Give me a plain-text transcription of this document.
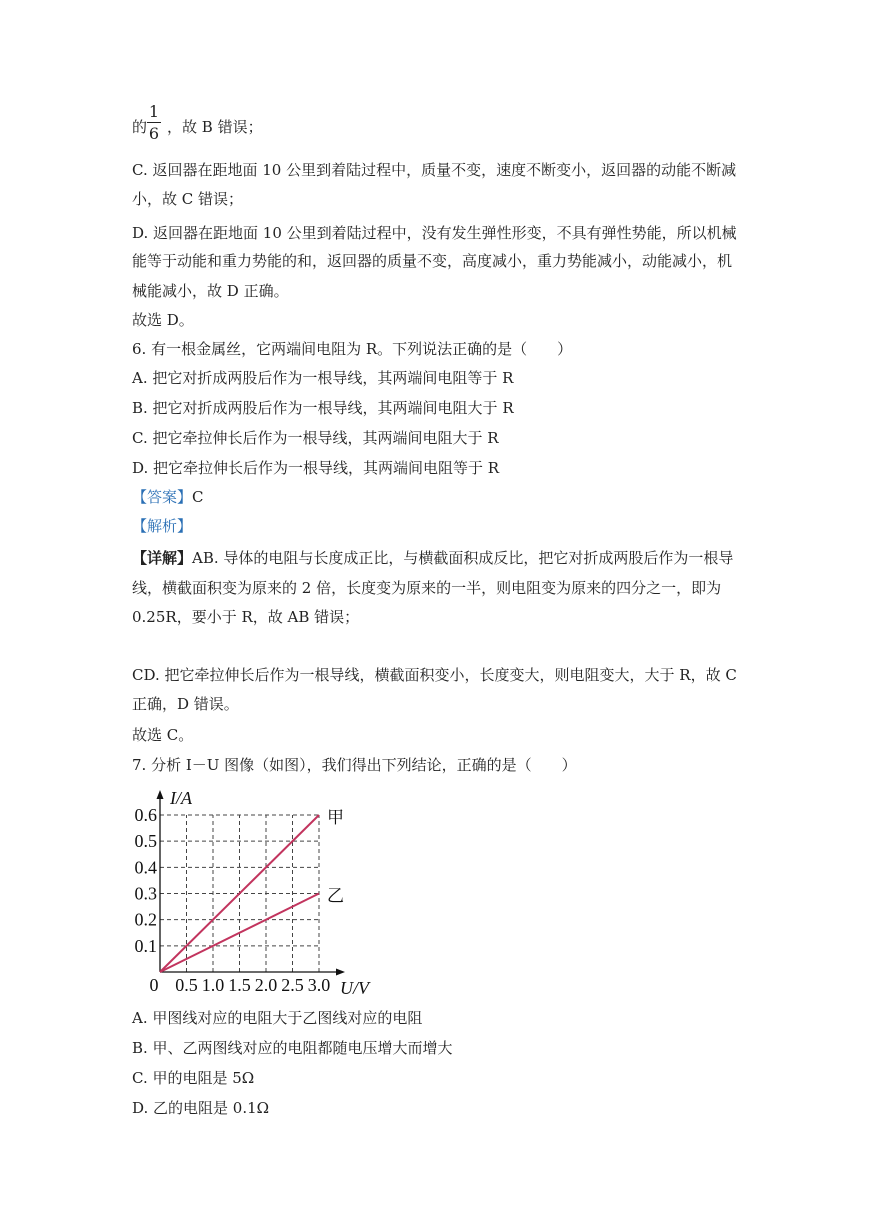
的 ，故 B 错误；
1
6
C. 返回器在距地面 10 公里到着陆过程中，质量不变，速度不断变小，返回器的动能不断减
小，故 C 错误；
D. 返回器在距地面 10 公里到着陆过程中，没有发生弹性形变，不具有弹性势能，所以机械
能等于动能和重力势能的和，返回器的质量不变，高度减小，重力势能减小，动能减小，机
械能减小，故 D 正确。
故选 D。
6. 有一根金属丝，它两端间电阻为 R。下列说法正确的是（　　）
A. 把它对折成两股后作为一根导线，其两端间电阻等于 R
B. 把它对折成两股后作为一根导线，其两端间电阻大于 R
C. 把它牵拉伸长后作为一根导线，其两端间电阻大于 R
D. 把它牵拉伸长后作为一根导线，其两端间电阻等于 R
【答案】C
【解析】
【详解】AB. 导体的电阻与长度成正比，与横截面积成反比，把它对折成两股后作为一根导
线，横截面积变为原来的 2 倍，长度变为原来的一半，则电阻变为原来的四分之一，即为
0.25R，要小于 R，故 AB 错误；
CD. 把它牵拉伸长后作为一根导线，横截面积变小，长度变大，则电阻变大，大于 R，故 C
正确，D 错误。
故选 C。
7. 分析 I－U 图像（如图），我们得出下列结论，正确的是（　　）
I/A
U/V
0 0.5 1.0 1.5 2.0 2.5 3.0
0.1
0.2
0.3
0.4
0.5
0.6	甲
乙
A. 甲图线对应的电阻大于乙图线对应的电阻
B. 甲、乙两图线对应的电阻都随电压增大而增大
C. 甲的电阻是 5Ω
D. 乙的电阻是 0.1Ω
